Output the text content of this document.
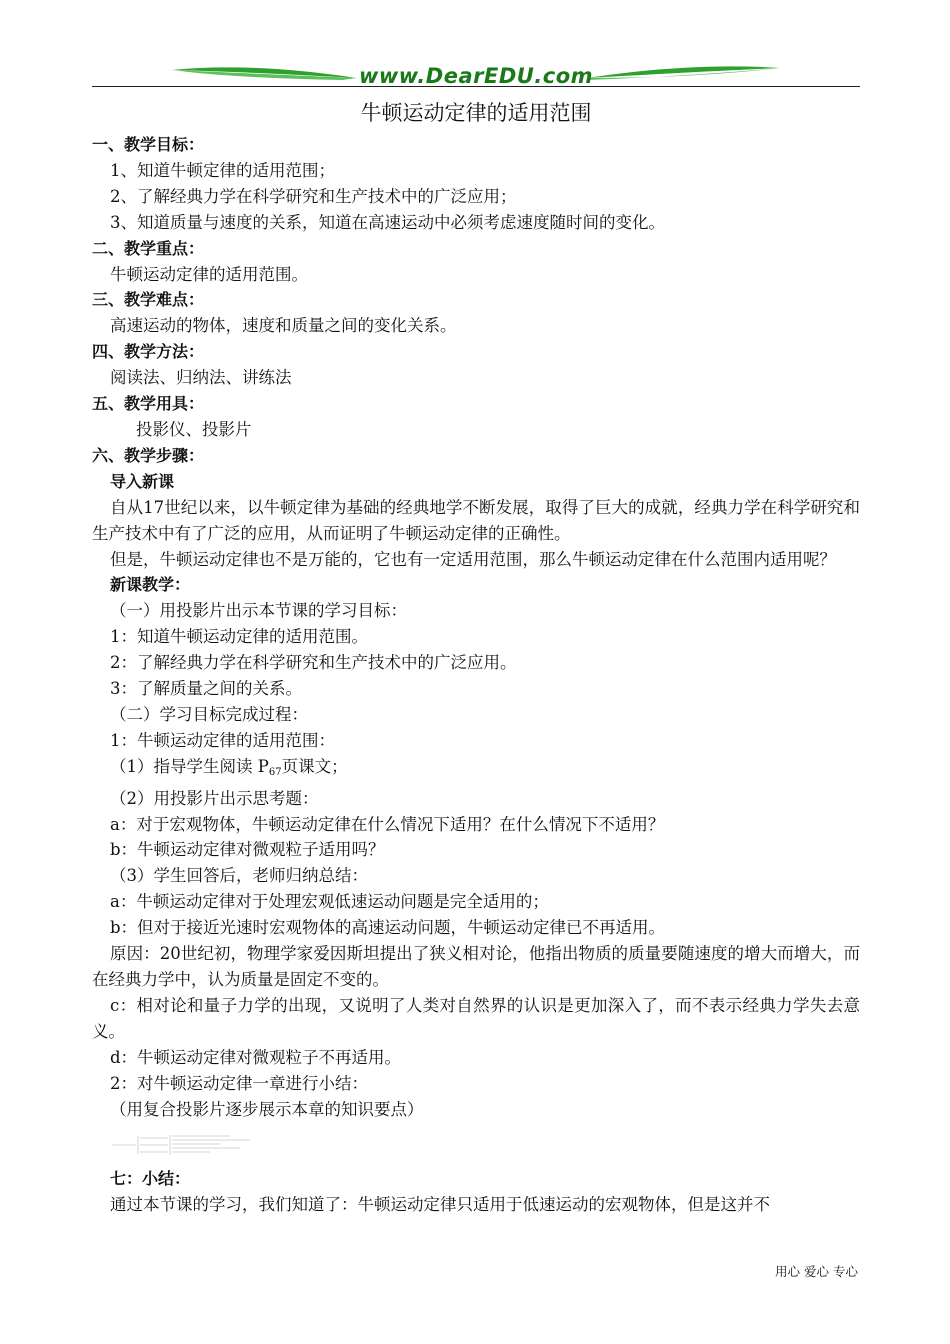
www.DearEDU.com
牛顿运动定律的适用范围
一、教学目标：
1、知道牛顿定律的适用范围；
2、了解经典力学在科学研究和生产技术中的广泛应用；
3、知道质量与速度的关系，知道在高速运动中必须考虑速度随时间的变化。
二、教学重点：
牛顿运动定律的适用范围。
三、教学难点：
高速运动的物体，速度和质量之间的变化关系。
四、教学方法：
阅读法、归纳法、讲练法
五、教学用具：
投影仪、投影片
六、教学步骤：
导入新课
自从17世纪以来，以牛顿定律为基础的经典地学不断发展，取得了巨大的成就，经典力学在科学研究和生产技术中有了广泛的应用，从而证明了牛顿运动定律的正确性。
但是，牛顿运动定律也不是万能的，它也有一定适用范围，那么牛顿运动定律在什么范围内适用呢？
新课教学：
（一）用投影片出示本节课的学习目标：
1：知道牛顿运动定律的适用范围。
2：了解经典力学在科学研究和生产技术中的广泛应用。
3：了解质量之间的关系。
（二）学习目标完成过程：
1：牛顿运动定律的适用范围：
（1）指导学生阅读 P67页课文；
（2）用投影片出示思考题：
a：对于宏观物体，牛顿运动定律在什么情况下适用？在什么情况下不适用？
b：牛顿运动定律对微观粒子适用吗？
（3）学生回答后，老师归纳总结：
a：牛顿运动定律对于处理宏观低速运动问题是完全适用的；
b：但对于接近光速时宏观物体的高速运动问题，牛顿运动定律已不再适用。
原因：20世纪初，物理学家爱因斯坦提出了狭义相对论，他指出物质的质量要随速度的增大而增大，而在经典力学中，认为质量是固定不变的。
c：相对论和量子力学的出现，又说明了人类对自然界的认识是更加深入了，而不表示经典力学失去意义。
d：牛顿运动定律对微观粒子不再适用。
2：对牛顿运动定律一章进行小结：
（用复合投影片逐步展示本章的知识要点）
七：小结：
通过本节课的学习，我们知道了：牛顿运动定律只适用于低速运动的宏观物体，但是这并不
用心 爱心 专心
